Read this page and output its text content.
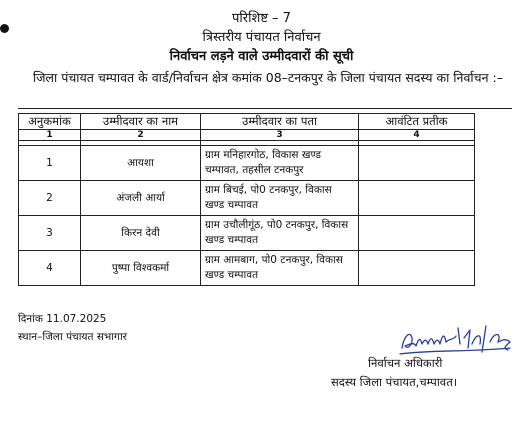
परिशिष्ट – 7
त्रिस्तरीय पंचायत निर्वाचन
निर्वाचन लड़ने वाले उम्मीदवारों की सूची
जिला पंचायत चम्पावत के वार्ड/निर्वाचन क्षेत्र कमांक 08–टनकपुर के जिला पंचायत सदस्य का निर्वाचन :–
अनुकमांक	उम्मीदवार का नाम	उम्मीदवार का पता	आवंटित प्रतीक
1	2	3	4

1	आयशा	ग्राम मनिहारगोठ, विकास खण्ड चम्पावत, तहसील टनकपुर	
2	अंजली आर्या	ग्राम बिचई, पो0 टनकपुर, विकास खण्ड चम्पावत	
3	किरन देवी	ग्राम उचौलीगूंठ, पो0 टनकपुर, विकास खण्ड चम्पावत	
4	पुष्पा विश्वकर्मा	ग्राम आमबाग, पो0 टनकपुर, विकास खण्ड चम्पावत	
दिनांक 11.07.2025
स्थान–जिला पंचायत सभागार
निर्वाचन अधिकारी
सदस्य जिला पंचायत,चम्पावत।
